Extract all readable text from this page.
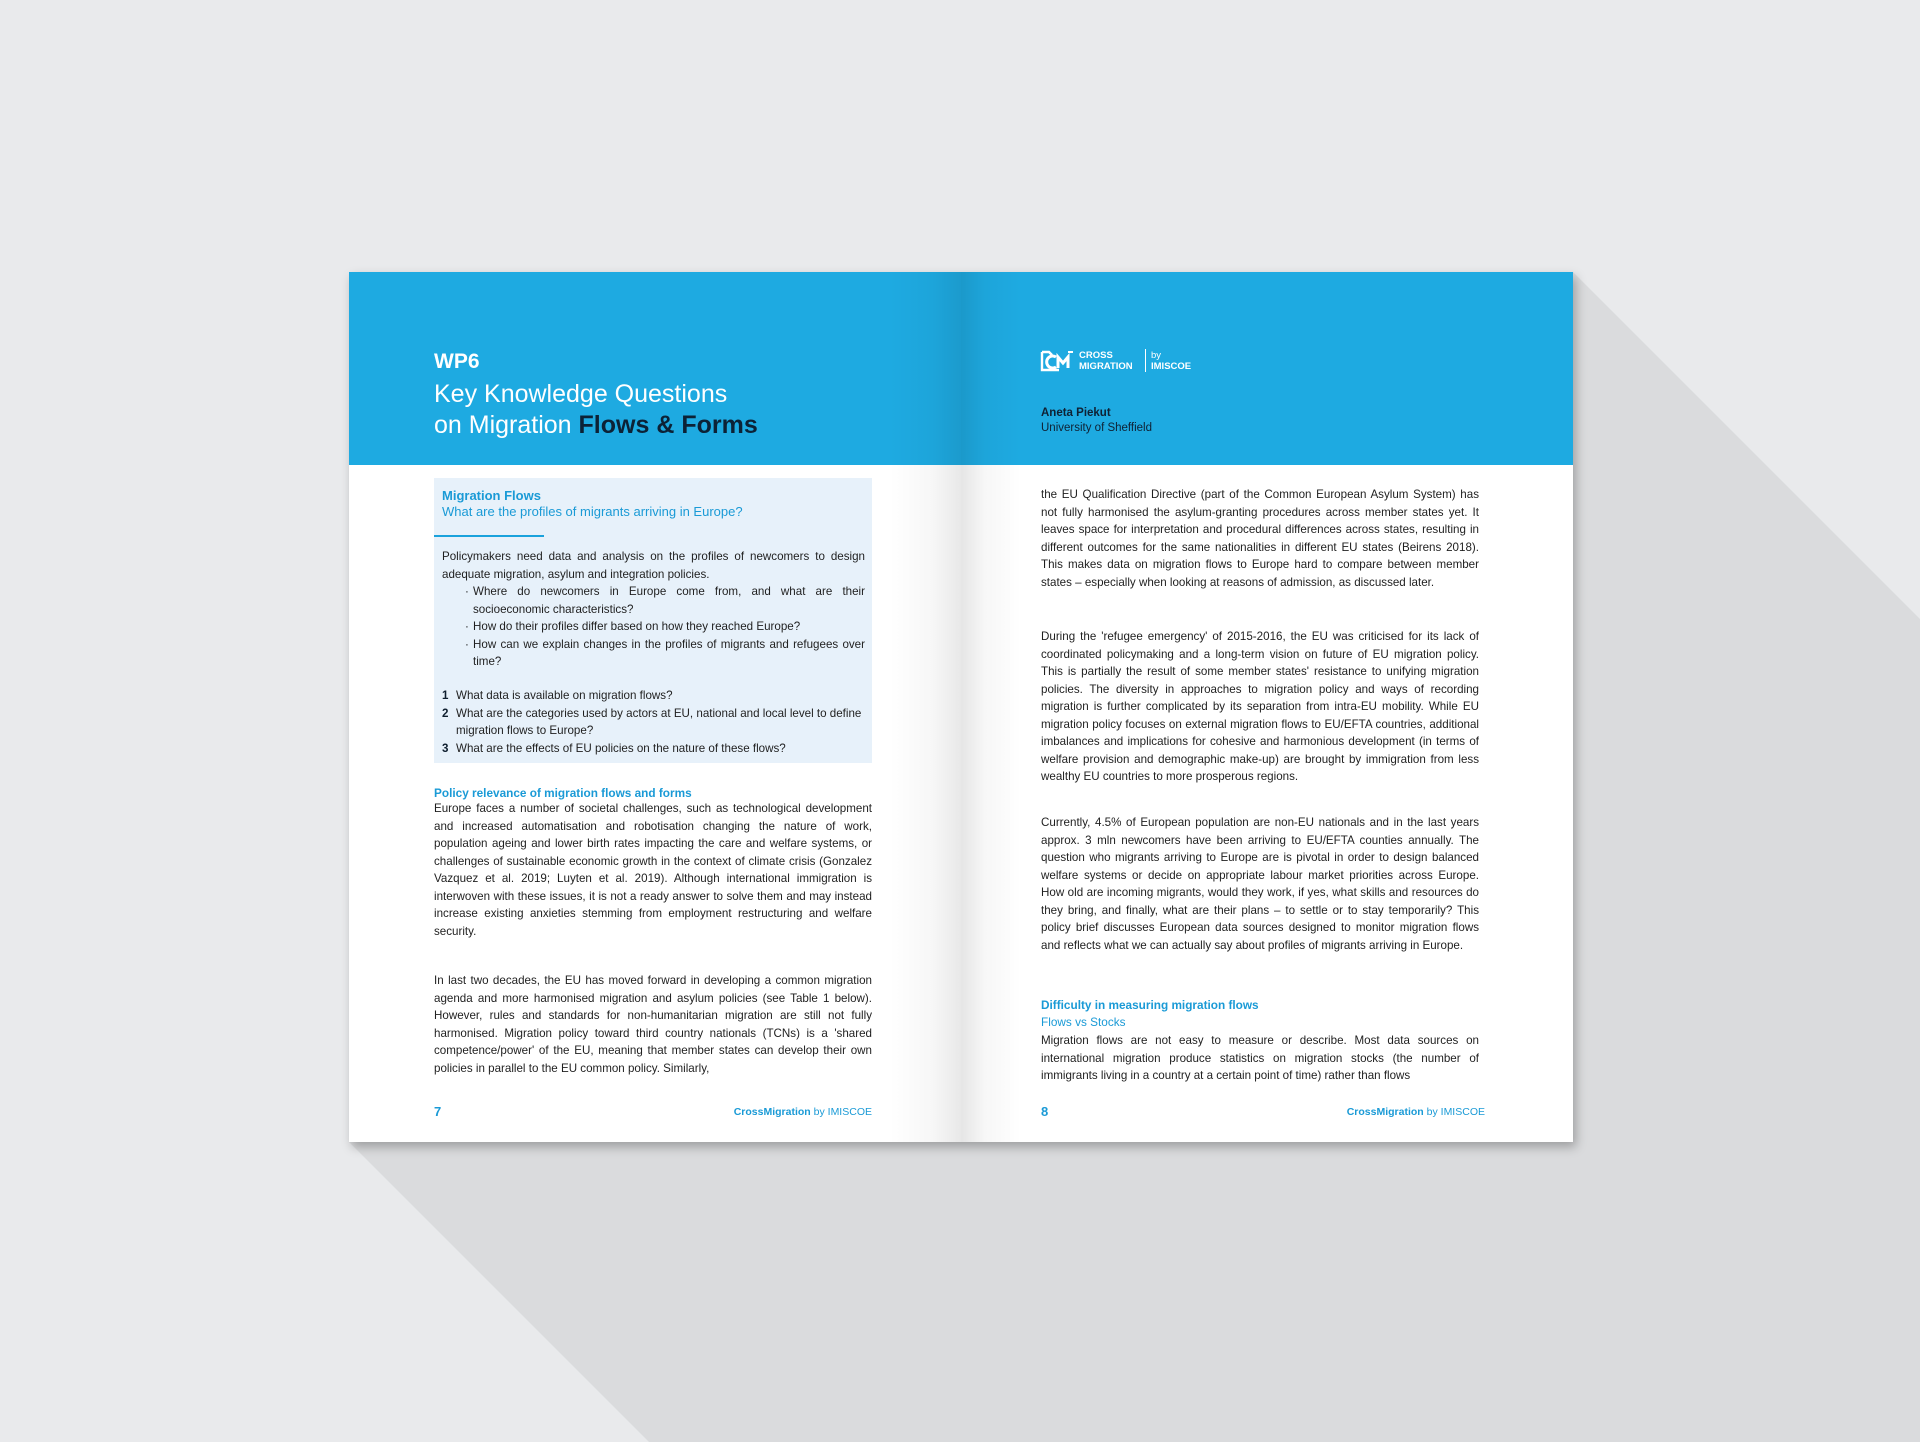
WP6
Key Knowledge Questions
on Migration Flows & Forms
Migration Flows
What are the profiles of migrants arriving in Europe?
Policymakers need data and analysis on the profiles of newcomers to design adequate migration, asylum and integration policies.
· Where do newcomers in Europe come from, and what are their socioeconomic characteristics?
· How do their profiles differ based on how they reached Europe?
· How can we explain changes in the profiles of migrants and refugees over time?
1 What data is available on migration flows?
2 What are the categories used by actors at EU, national and local level to define migration flows to Europe?
3 What are the effects of EU policies on the nature of these flows?
Policy relevance of migration flows and forms
Europe faces a number of societal challenges, such as technological development and increased automatisation and robotisation changing the nature of work, population ageing and lower birth rates impacting the care and welfare systems, or challenges of sustainable economic growth in the context of climate crisis (Gonzalez Vazquez et al. 2019; Luyten et al. 2019). Although international immigration is interwoven with these issues, it is not a ready answer to solve them and may instead increase existing anxieties stemming from employment restructuring and welfare security.
In last two decades, the EU has moved forward in developing a common migration agenda and more harmonised migration and asylum policies (see Table 1 below). However, rules and standards for non-humanitarian migration are still not fully harmonised. Migration policy toward third country nationals (TCNs) is a 'shared competence/power' of the EU, meaning that member states can develop their own policies in parallel to the EU common policy. Similarly,
7	CrossMigration by IMISCOE
CROSS
MIGRATION
by
IMISCOE
Aneta Piekut
University of Sheffield
the EU Qualification Directive (part of the Common European Asylum System) has not fully harmonised the asylum-granting procedures across member states yet. It leaves space for interpretation and procedural differences across states, resulting in different outcomes for the same nationalities in different EU states (Beirens 2018). This makes data on migration flows to Europe hard to compare between member states – especially when looking at reasons of admission, as discussed later.
During the 'refugee emergency' of 2015-2016, the EU was criticised for its lack of coordinated policymaking and a long-term vision on future of EU migration policy. This is partially the result of some member states' resistance to unifying migration policies. The diversity in approaches to migration policy and ways of recording migration is further complicated by its separation from intra-EU mobility. While EU migration policy focuses on external migration flows to EU/EFTA countries, additional imbalances and implications for cohesive and harmonious development (in terms of welfare provision and demographic make-up) are brought by immigration from less wealthy EU countries to more prosperous regions.
Currently, 4.5% of European population are non-EU nationals and in the last years approx. 3 mln newcomers have been arriving to EU/EFTA counties annually. The question who migrants arriving to Europe are is pivotal in order to design balanced welfare systems or decide on appropriate labour market priorities across Europe. How old are incoming migrants, would they work, if yes, what skills and resources do they bring, and finally, what are their plans – to settle or to stay temporarily? This policy brief discusses European data sources designed to monitor migration flows and reflects what we can actually say about profiles of migrants arriving in Europe.
Difficulty in measuring migration flows
Flows vs Stocks
Migration flows are not easy to measure or describe. Most data sources on international migration produce statistics on migration stocks (the number of immigrants living in a country at a certain point of time) rather than flows
8	CrossMigration by IMISCOE
